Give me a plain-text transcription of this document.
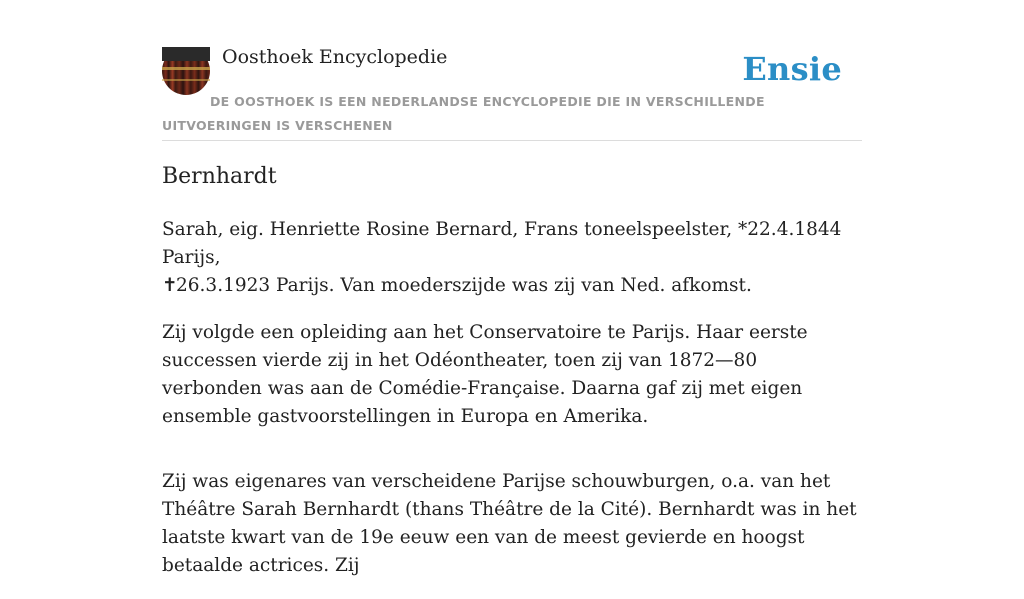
Oosthoek Encyclopedie	Ensie
DE OOSTHOEK IS EEN NEDERLANDSE ENCYCLOPEDIE DIE IN VERSCHILLENDE UITVOERINGEN IS VERSCHENEN
Bernhardt

Sarah, eig. Henriette Rosine Bernard, Frans toneelspeelster, *22.4.1844 Parijs,
✝26.3.1923 Parijs. Van moederszijde was zij van Ned. afkomst.

Zij volgde een opleiding aan het Conservatoire te Parijs. Haar eerste successen vierde zij in het Odéontheater, toen zij van 1872—80 verbonden was aan de Comédie-Française. Daarna gaf zij met eigen ensemble gastvoorstellingen in Europa en Amerika.

Zij was eigenares van verscheidene Parijse schouwburgen, o.a. van het Théâtre Sarah Bernhardt (thans Théâtre de la Cité). Bernhardt was in het laatste kwart van de 19e eeuw een van de meest gevierde en hoogst betaalde actrices. Zij
